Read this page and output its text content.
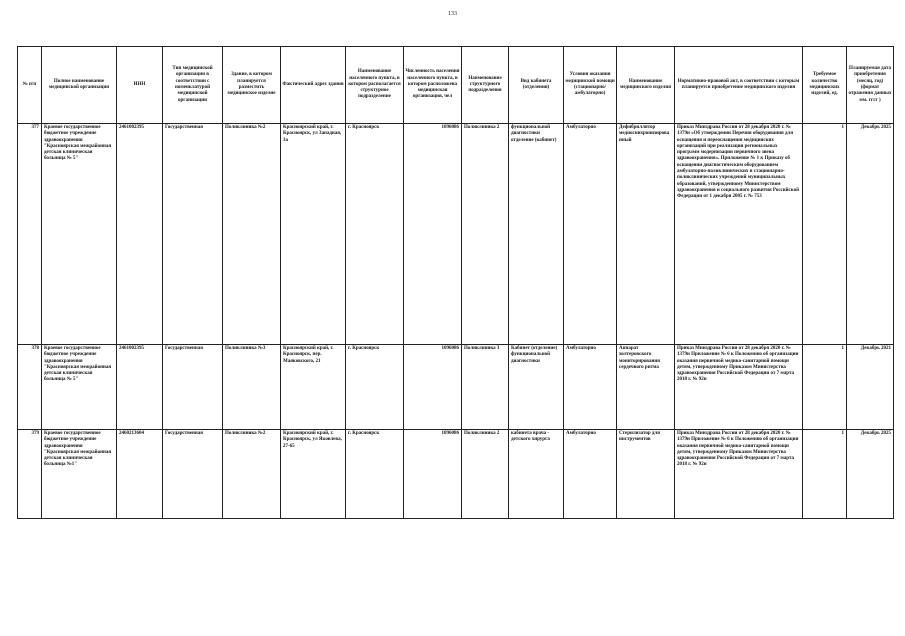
133
№ п/п	Полное наименование медицинской организации	ИНН	Тип медицинской организации в соответствии с номенклатурой медицинской организации	Здание, в котором планируется разместить медицинское изделие	Фактический адрес здания	Наименование населенного пункта, в котором располагается структурное подразделение	Численность населения населенного пункта, в котором расположена медицинская организация, чел	Наименование структурного подразделения	Вид кабинета (отделения)	Условия оказания медицинской помощи (стационарно/ амбулаторно)	Наименование медицинского изделия	Нормативно-правовой акт, в соответствии с которым планируется приобретение медицинского изделия	Требуемое количество медицинских изделий, ед.	Планируемая дата приобретения (месяц, год) (формат отражения данных мм. гггг )
377	Краевое государственное бюджетное учреждение здравоохранения "Красноярская межрайонная детская клиническая больница № 5"	2461002395	Государственная	Поликлиника №2	Красноярский край, г. Красноярск, ул Западная, 3а	г. Красноярск	1096086	Поликлиника 2	функциональной диагностики отделение (кабинет)	Амбулаторно	Дефибриллятор медиоснихронизированный	Приказ Минздрава России от 28 декабря 2020 г. № 1379н «Об утверждении Перечня оборудования для оснащения и переоснащения медицинских организаций при реализации региональных программ модернизации первичного звена здравоохранения». Приложение № 1 к Приказу об оснащении диагностическим оборудованием амбулаторно-поликлинических и стационарно-поликлинических учреждений муниципальных образований, утвержденному Министерством здравоохранения и социального развития Российской Федерации от 1 декабря 2005 г. № 753	1	Декабрь 2025
378	Краевое государственное бюджетное учреждение здравоохранения "Красноярская межрайонная детская клиническая больница № 5"	2461002395	Государственная	Поликлиника №3	Красноярский край, г. Красноярск, пер. Маяковского, 21	г. Красноярск	1096086	Поликлиника 3	Кабинет (отделение) функциональной диагностики	Амбулаторно	Аппарат холтеровского мониторирования сердечного ритма	Приказ Минздрава России от 28 декабря 2020 г. № 1379н Приложение № 6 к Положению об организации оказания первичной медико-санитарной помощи детям, утвержденному Приказом Министерства здравоохранения Российской Федерации от 7 марта 2018 г. № 92н	1	Декабрь 2021
379	Краевое государственное бюджетное учреждение здравоохранения "Красноярская межрайонная детская клиническая больница №1"	2460213604	Государственная	Поликлиника №2	Красноярский край, г. Красноярск, ул Яковлева, 27-65	г. Красноярск	1096086	Поликлиника 2	кабинета врача - детского хирурга	Амбулаторно	Стерилизатор для инструментов	Приказ Минздрава России от 28 декабря 2020 г. № 1379н Приложение № 6 к Положению об организации оказания первичной медико-санитарной помощи детям, утвержденному Приказом Министерства здравоохранения Российской Федерации от 7 марта 2018 г. № 92н	1	Декабрь 2025
